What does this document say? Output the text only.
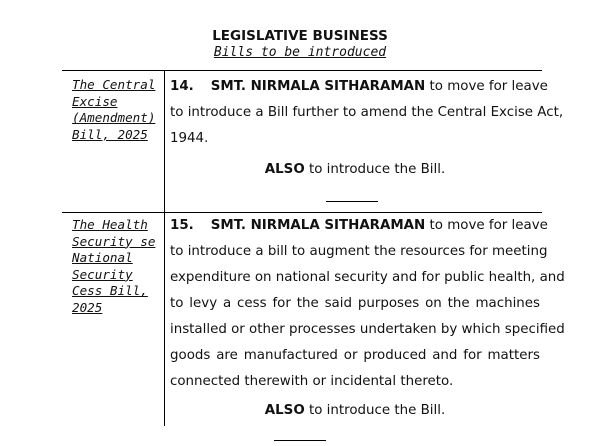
LEGISLATIVE BUSINESS
Bills to be introduced
The Central
Excise
(Amendment)
Bill, 2025
14. SMT. NIRMALA SITHARAMAN to move for leave
to introduce a Bill further to amend the Central Excise Act,
1944.
ALSO to introduce the Bill.
The Health
Security se
National
Security
Cess Bill,
2025
15. SMT. NIRMALA SITHARAMAN to move for leave
to introduce a bill to augment the resources for meeting
expenditure on national security and for public health, and
to levy a cess for the said purposes on the machines
installed or other processes undertaken by which specified
goods are manufactured or produced and for matters
connected therewith or incidental thereto.
ALSO to introduce the Bill.
